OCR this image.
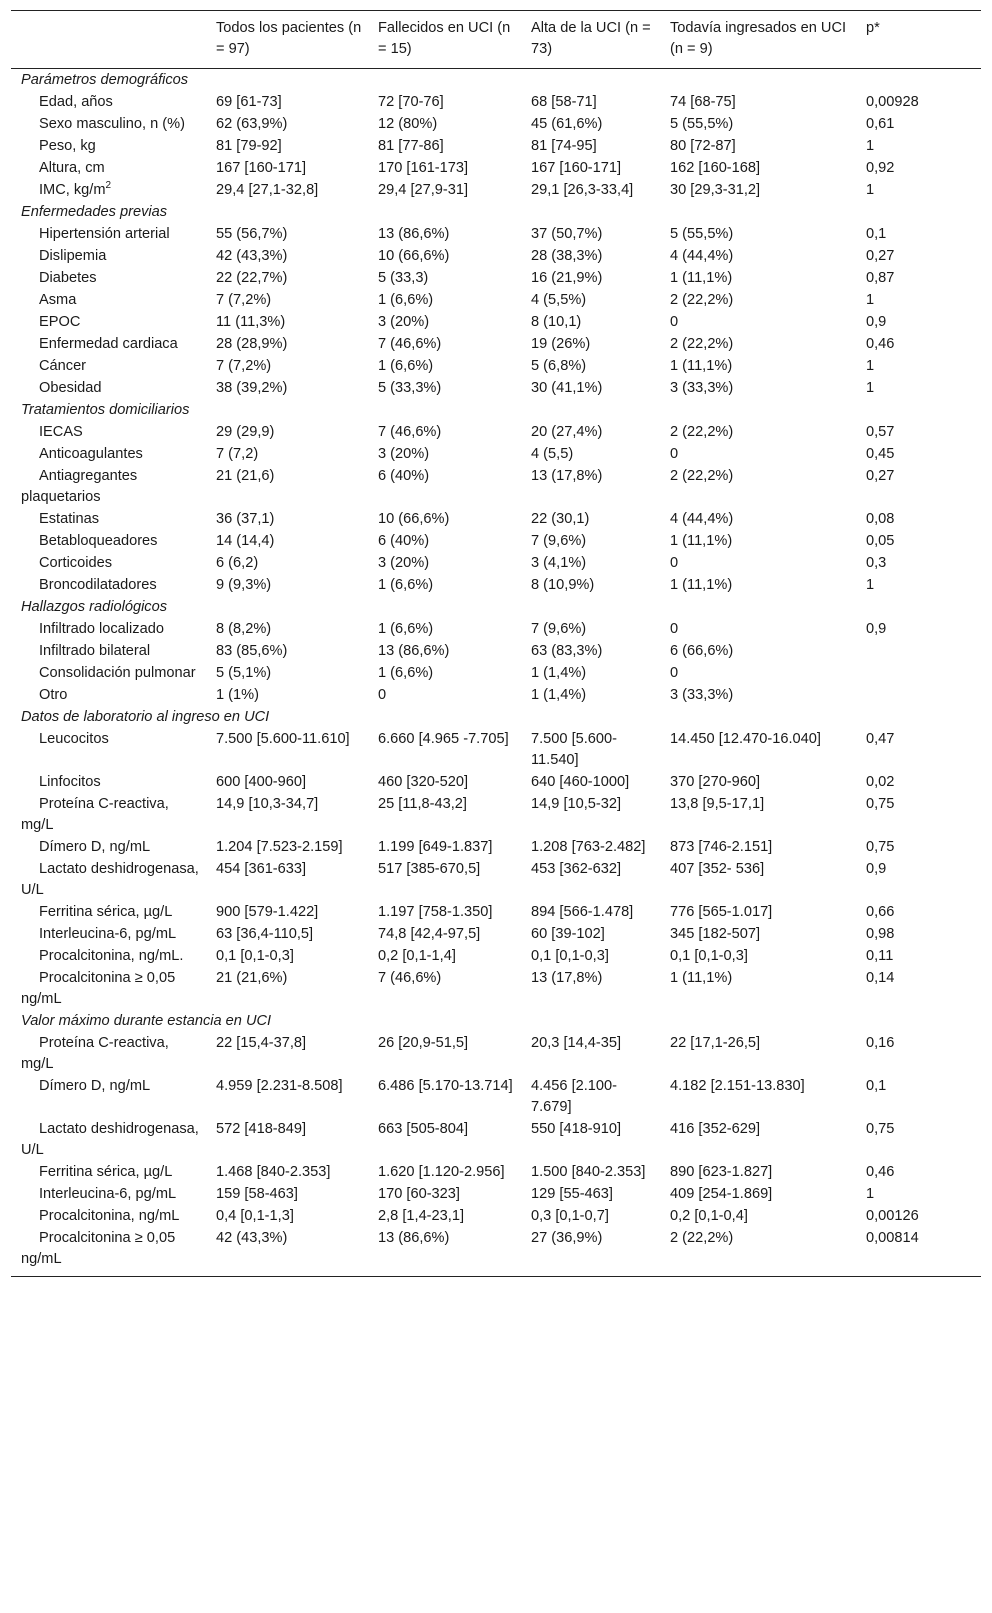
	Todos los pacientes (n = 97)	Fallecidos en UCI (n = 15)	Alta de la UCI (n = 73)	Todavía ingresados en UCI (n = 9)	p*
Parámetros demográficos					
Edad, años	69 [61-73]	72 [70-76]	68 [58-71]	74 [68-75]	0,00928
Sexo masculino, n (%)	62 (63,9%)	12 (80%)	45 (61,6%)	5 (55,5%)	0,61
Peso, kg	81 [79-92]	81 [77-86]	81 [74-95]	80 [72-87]	1
Altura, cm	167 [160-171]	170 [161-173]	167 [160-171]	162 [160-168]	0,92
IMC, $kg/m^2$	29,4 [27,1-32,8]	29,4 [27,9-31]	29,1 [26,3-33,4]	30 [29,3-31,2]	1
Enfermedades previas					
Hipertensión arterial	55 (56,7%)	13 (86,6%)	37 (50,7%)	5 (55,5%)	0,1
Dislipemia	42 (43,3%)	10 (66,6%)	28 (38,3%)	4 (44,4%)	0,27
Diabetes	22 (22,7%)	5 (33,3)	16 (21,9%)	1 (11,1%)	0,87
Asma	7 (7,2%)	1 (6,6%)	4 (5,5%)	2 (22,2%)	1
EPOC	11 (11,3%)	3 (20%)	8 (10,1)	0	0,9
Enfermedad cardiaca	28 (28,9%)	7 (46,6%)	19 (26%)	2 (22,2%)	0,46
Cáncer	7 (7,2%)	1 (6,6%)	5 (6,8%)	1 (11,1%)	1
Obesidad	38 (39,2%)	5 (33,3%)	30 (41,1%)	3 (33,3%)	1
Tratamientos domiciliarios					
IECAS	29 (29,9)	7 (46,6%)	20 (27,4%)	2 (22,2%)	0,57
Anticoagulantes	7 (7,2)	3 (20%)	4 (5,5)	0	0,45
Antiagregantes plaquetarios	21 (21,6)	6 (40%)	13 (17,8%)	2 (22,2%)	0,27
Estatinas	36 (37,1)	10 (66,6%)	22 (30,1)	4 (44,4%)	0,08
Betabloqueadores	14 (14,4)	6 (40%)	7 (9,6%)	1 (11,1%)	0,05
Corticoides	6 (6,2)	3 (20%)	3 (4,1%)	0	0,3
Broncodilatadores	9 (9,3%)	1 (6,6%)	8 (10,9%)	1 (11,1%)	1
Hallazgos radiológicos					
Infiltrado localizado	8 (8,2%)	1 (6,6%)	7 (9,6%)	0	0,9
Infiltrado bilateral	83 (85,6%)	13 (86,6%)	63 (83,3%)	6 (66,6%)	
Consolidación pulmonar	5 (5,1%)	1 (6,6%)	1 (1,4%)	0	
Otro	1 (1%)	0	1 (1,4%)	3 (33,3%)	
Datos de laboratorio al ingreso en UCI					
Leucocitos	7.500 [5.600-11.610]	6.660 [4.965 -7.705]	7.500 [5.600-11.540]	14.450 [12.470-16.040]	0,47
Linfocitos	600 [400-960]	460 [320-520]	640 [460-1000]	370 [270-960]	0,02
Proteína C-reactiva, mg/L	14,9 [10,3-34,7]	25 [11,8-43,2]	14,9 [10,5-32]	13,8 [9,5-17,1]	0,75
Dímero D, ng/mL	1.204 [7.523-2.159]	1.199 [649-1.837]	1.208 [763-2.482]	873 [746-2.151]	0,75
Lactato deshidrogenasa, U/L	454 [361-633]	517 [385-670,5]	453 [362-632]	407 [352- 536]	0,9
Ferritina sérica, µg/L	900 [579-1.422]	1.197 [758-1.350]	894 [566-1.478]	776 [565-1.017]	0,66
Interleucina-6, pg/mL	63 [36,4-110,5]	74,8 [42,4-97,5]	60 [39-102]	345 [182-507]	0,98
Procalcitonina, ng/mL.	0,1 [0,1-0,3]	0,2 [0,1-1,4]	0,1 [0,1-0,3]	0,1 [0,1-0,3]	0,11
Procalcitonina ≥ 0,05 ng/mL	21 (21,6%)	7 (46,6%)	13 (17,8%)	1 (11,1%)	0,14
Valor máximo durante estancia en UCI					
Proteína C-reactiva, mg/L	22 [15,4-37,8]	26 [20,9-51,5]	20,3 [14,4-35]	22 [17,1-26,5]	0,16
Dímero D, ng/mL	4.959 [2.231-8.508]	6.486 [5.170-13.714]	4.456 [2.100-7.679]	4.182 [2.151-13.830]	0,1
Lactato deshidrogenasa, U/L	572 [418-849]	663 [505-804]	550 [418-910]	416 [352-629]	0,75
Ferritina sérica, µg/L	1.468 [840-2.353]	1.620 [1.120-2.956]	1.500 [840-2.353]	890 [623-1.827]	0,46
Interleucina-6, pg/mL	159 [58-463]	170 [60-323]	129 [55-463]	409 [254-1.869]	1
Procalcitonina, ng/mL	0,4 [0,1-1,3]	2,8 [1,4-23,1]	0,3 [0,1-0,7]	0,2 [0,1-0,4]	0,00126
Procalcitonina ≥ 0,05 ng/mL	42 (43,3%)	13 (86,6%)	27 (36,9%)	2 (22,2%)	0,00814
